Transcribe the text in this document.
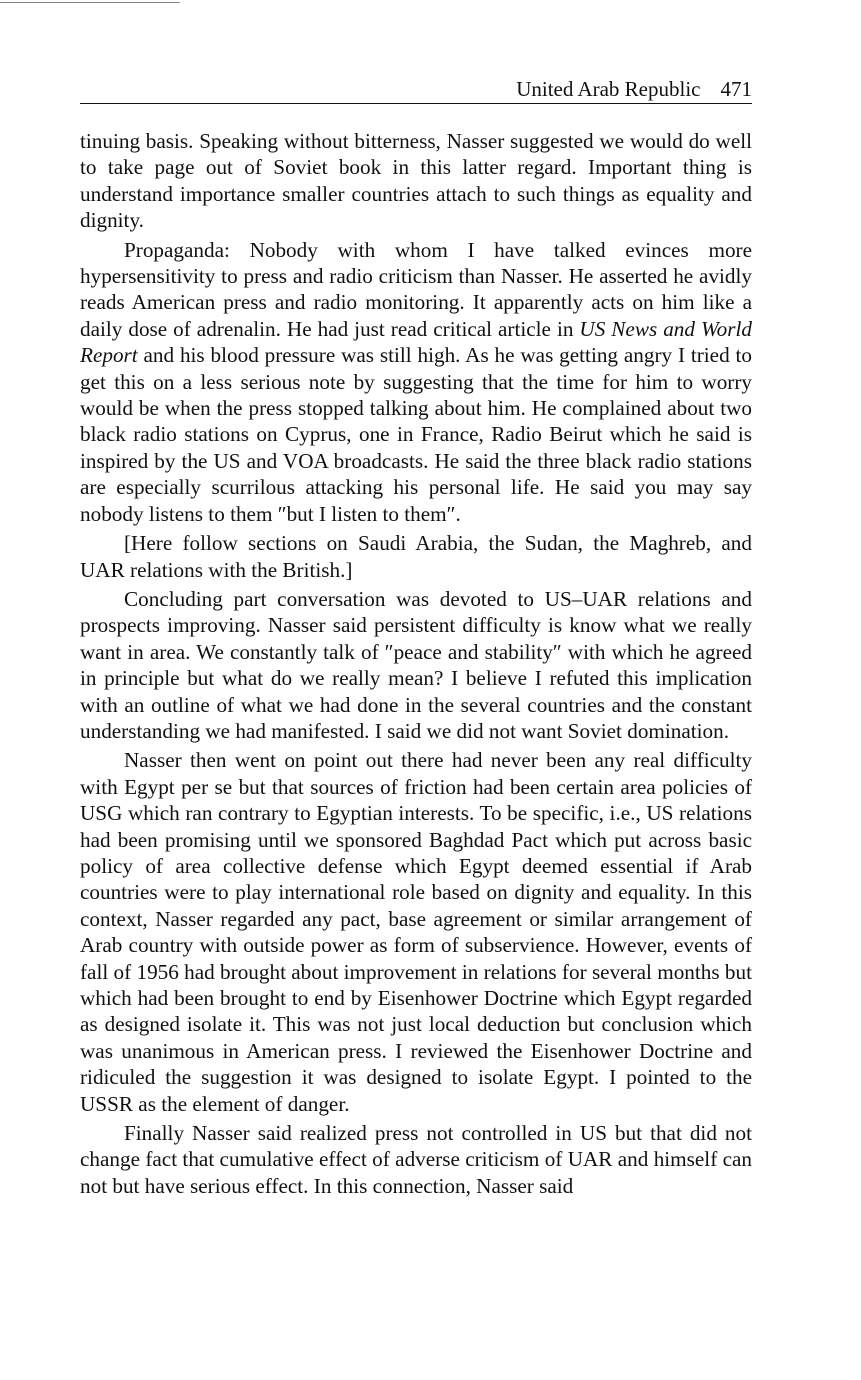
United Arab Republic 471

tinuing basis. Speaking without bitterness, Nasser suggested we would do well to take page out of Soviet book in this latter regard. Important thing is understand importance smaller countries attach to such things as equality and dignity.

Propaganda: Nobody with whom I have talked evinces more hypersensitivity to press and radio criticism than Nasser. He asserted he avidly reads American press and radio monitoring. It apparently acts on him like a daily dose of adrenalin. He had just read critical article in US News and World Report and his blood pressure was still high. As he was getting angry I tried to get this on a less serious note by suggesting that the time for him to worry would be when the press stopped talking about him. He complained about two black radio stations on Cyprus, one in France, Radio Beirut which he said is inspired by the US and VOA broadcasts. He said the three black radio stations are especially scurrilous attacking his personal life. He said you may say nobody listens to them ″but I listen to them″.

[Here follow sections on Saudi Arabia, the Sudan, the Maghreb, and UAR relations with the British.]

Concluding part conversation was devoted to US–UAR relations and prospects improving. Nasser said persistent difficulty is know what we really want in area. We constantly talk of ″peace and stability″ with which he agreed in principle but what do we really mean? I believe I refuted this implication with an outline of what we had done in the several countries and the constant understanding we had manifested. I said we did not want Soviet domination.

Nasser then went on point out there had never been any real difficulty with Egypt per se but that sources of friction had been certain area policies of USG which ran contrary to Egyptian interests. To be specific, i.e., US relations had been promising until we sponsored Baghdad Pact which put across basic policy of area collective defense which Egypt deemed essential if Arab countries were to play international role based on dignity and equality. In this context, Nasser regarded any pact, base agreement or similar arrangement of Arab country with outside power as form of subservience. However, events of fall of 1956 had brought about improvement in relations for several months but which had been brought to end by Eisenhower Doctrine which Egypt regarded as designed isolate it. This was not just local deduction but conclusion which was unanimous in American press. I reviewed the Eisenhower Doctrine and ridiculed the suggestion it was designed to isolate Egypt. I pointed to the USSR as the element of danger.

Finally Nasser said realized press not controlled in US but that did not change fact that cumulative effect of adverse criticism of UAR and himself can not but have serious effect. In this connection, Nasser said
